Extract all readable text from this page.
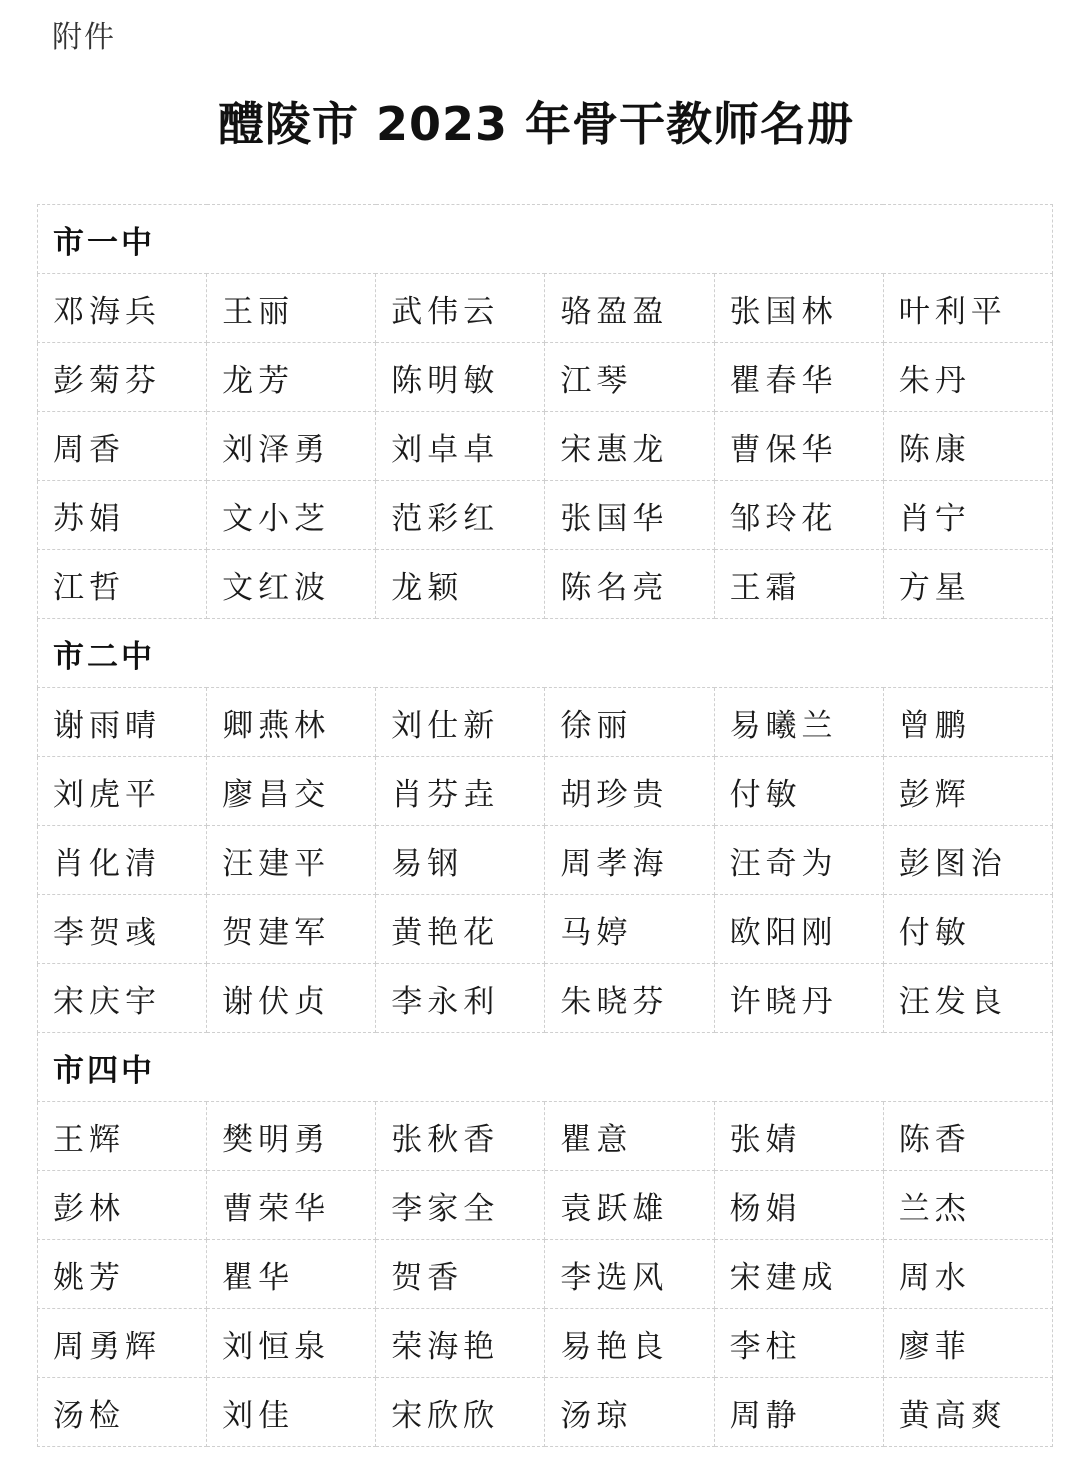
附件
醴陵市 2023 年骨干教师名册
市一中					
邓海兵	王丽	武伟云	骆盈盈	张国林	叶利平
彭菊芬	龙芳	陈明敏	江琴	瞿春华	朱丹
周香	刘泽勇	刘卓卓	宋惠龙	曹保华	陈康
苏娟	文小芝	范彩红	张国华	邹玲花	肖宁
江哲	文红波	龙颖	陈名亮	王霜	方星
市二中					
谢雨晴	卿燕林	刘仕新	徐丽	易曦兰	曾鹏
刘虎平	廖昌交	肖芬垚	胡珍贵	付敏	彭辉
肖化清	汪建平	易钢	周孝海	汪奇为	彭图治
李贺彧	贺建军	黄艳花	马婷	欧阳刚	付敏
宋庆宇	谢伏贞	李永利	朱晓芬	许晓丹	汪发良
市四中					
王辉	樊明勇	张秋香	瞿意	张婧	陈香
彭林	曹荣华	李家全	袁跃雄	杨娟	兰杰
姚芳	瞿华	贺香	李选风	宋建成	周水
周勇辉	刘恒泉	荣海艳	易艳良	李柱	廖菲
汤检	刘佳	宋欣欣	汤琼	周静	黄高爽
